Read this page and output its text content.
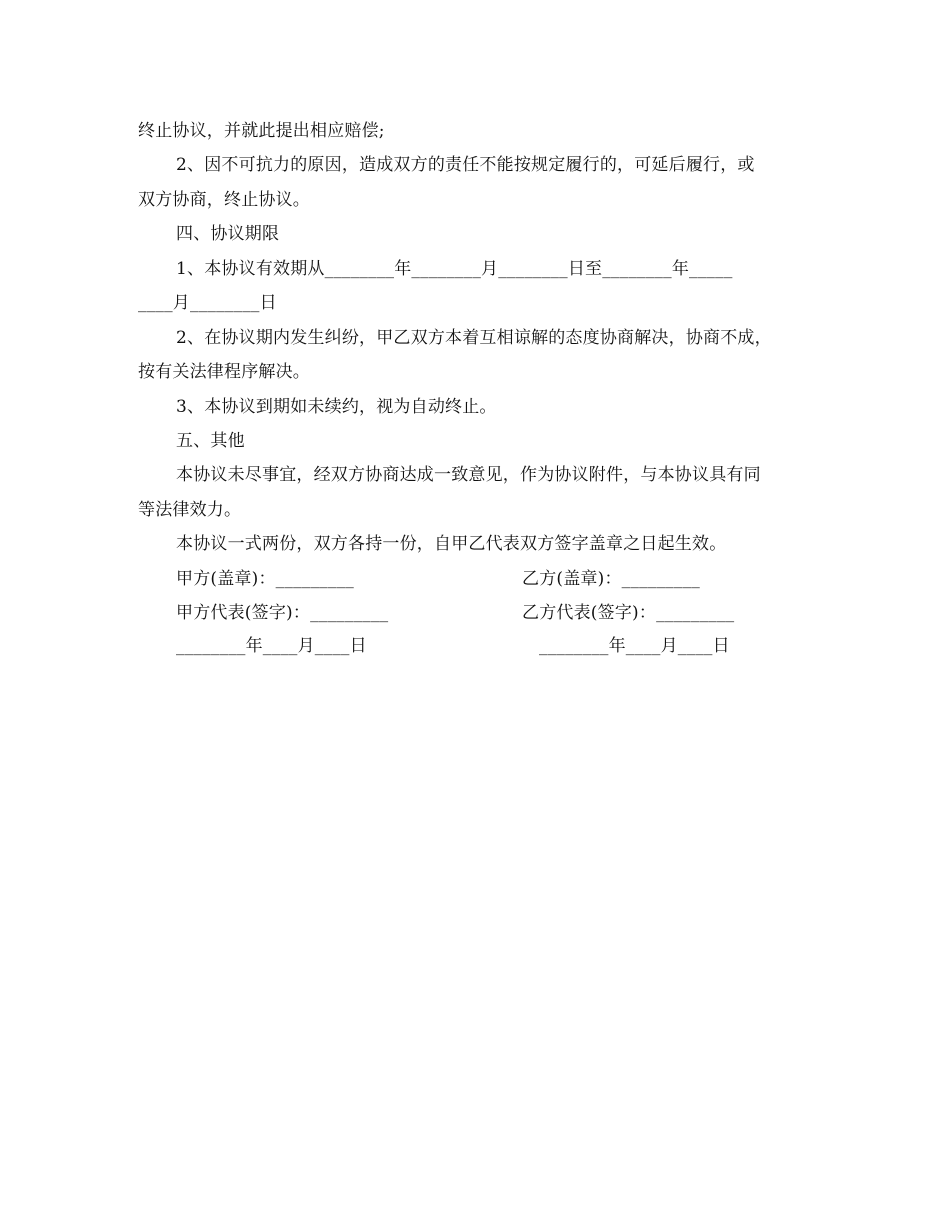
终止协议，并就此提出相应赔偿;
2、因不可抗力的原因，造成双方的责任不能按规定履行的，可延后履行，或
双方协商，终止协议。
四、协议期限
1、本协议有效期从________年________月________日至________年_____
____月________日
2、在协议期内发生纠纷，甲乙双方本着互相谅解的态度协商解决，协商不成，
按有关法律程序解决。
3、本协议到期如未续约，视为自动终止。
五、其他
本协议未尽事宜，经双方协商达成一致意见，作为协议附件，与本协议具有同
等法律效力。
本协议一式两份，双方各持一份，自甲乙代表双方签字盖章之日起生效。
甲方(盖章)：_________	乙方(盖章)：_________
甲方代表(签字)：_________	乙方代表(签字)：_________
________年____月____日	________年____月____日
